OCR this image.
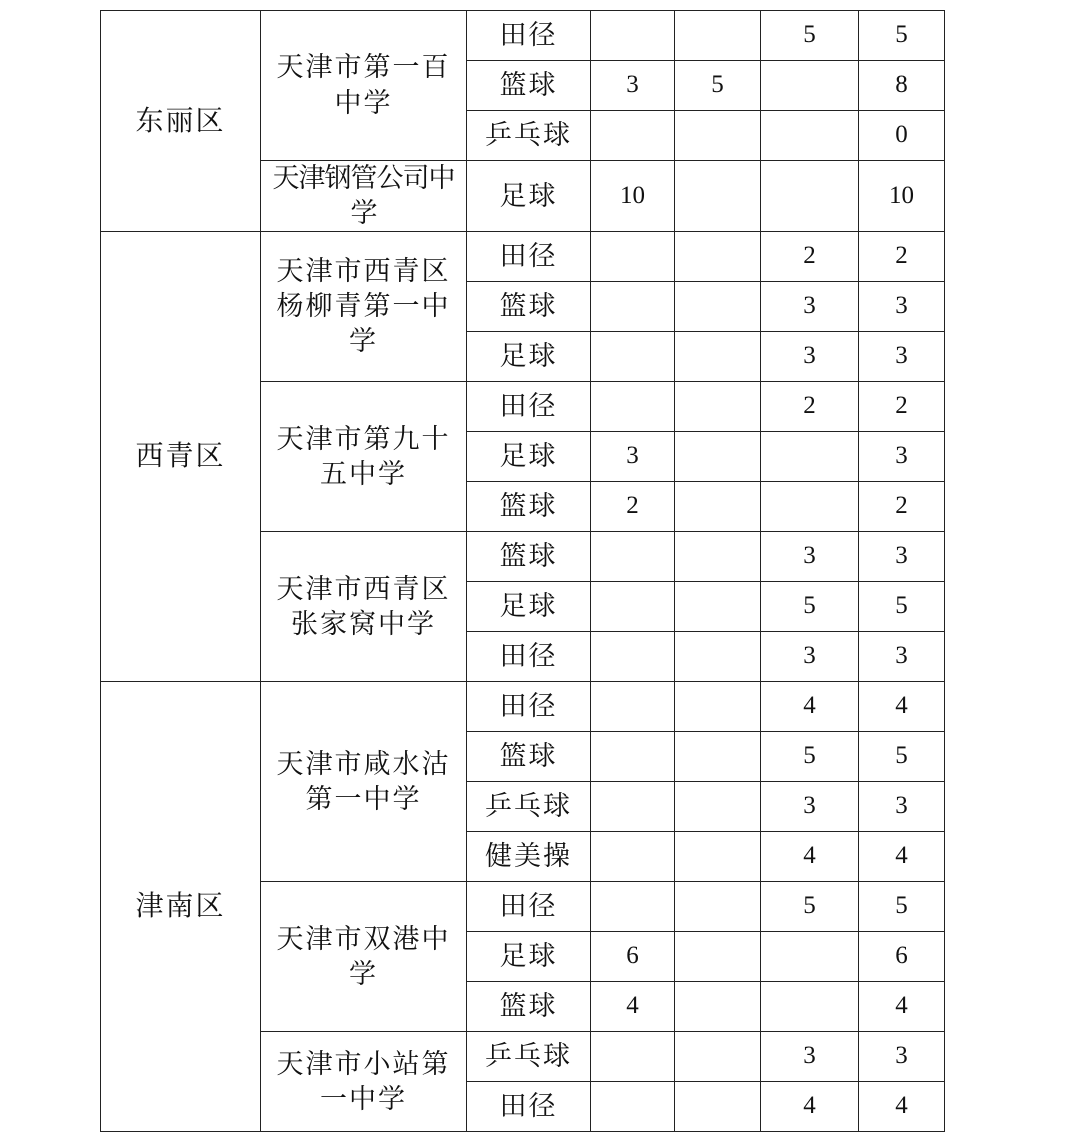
东丽区	天津市第一百中学	田径			5	5
		篮球	3	5		8
		乒乓球				0
	天津钢管公司中学	足球	10			10
西青区	天津市西青区杨柳青第一中学	田径			2	2
		篮球			3	3
		足球			3	3
	天津市第九十五中学	田径			2	2
		足球	3			3
		篮球	2			2
	天津市西青区张家窝中学	篮球			3	3
		足球			5	5
		田径			3	3
津南区	天津市咸水沽第一中学	田径			4	4
		篮球			5	5
		乒乓球			3	3
		健美操			4	4
	天津市双港中学	田径			5	5
		足球	6			6
		篮球	4			4
	天津市小站第一中学	乒乓球			3	3
		田径			4	4
